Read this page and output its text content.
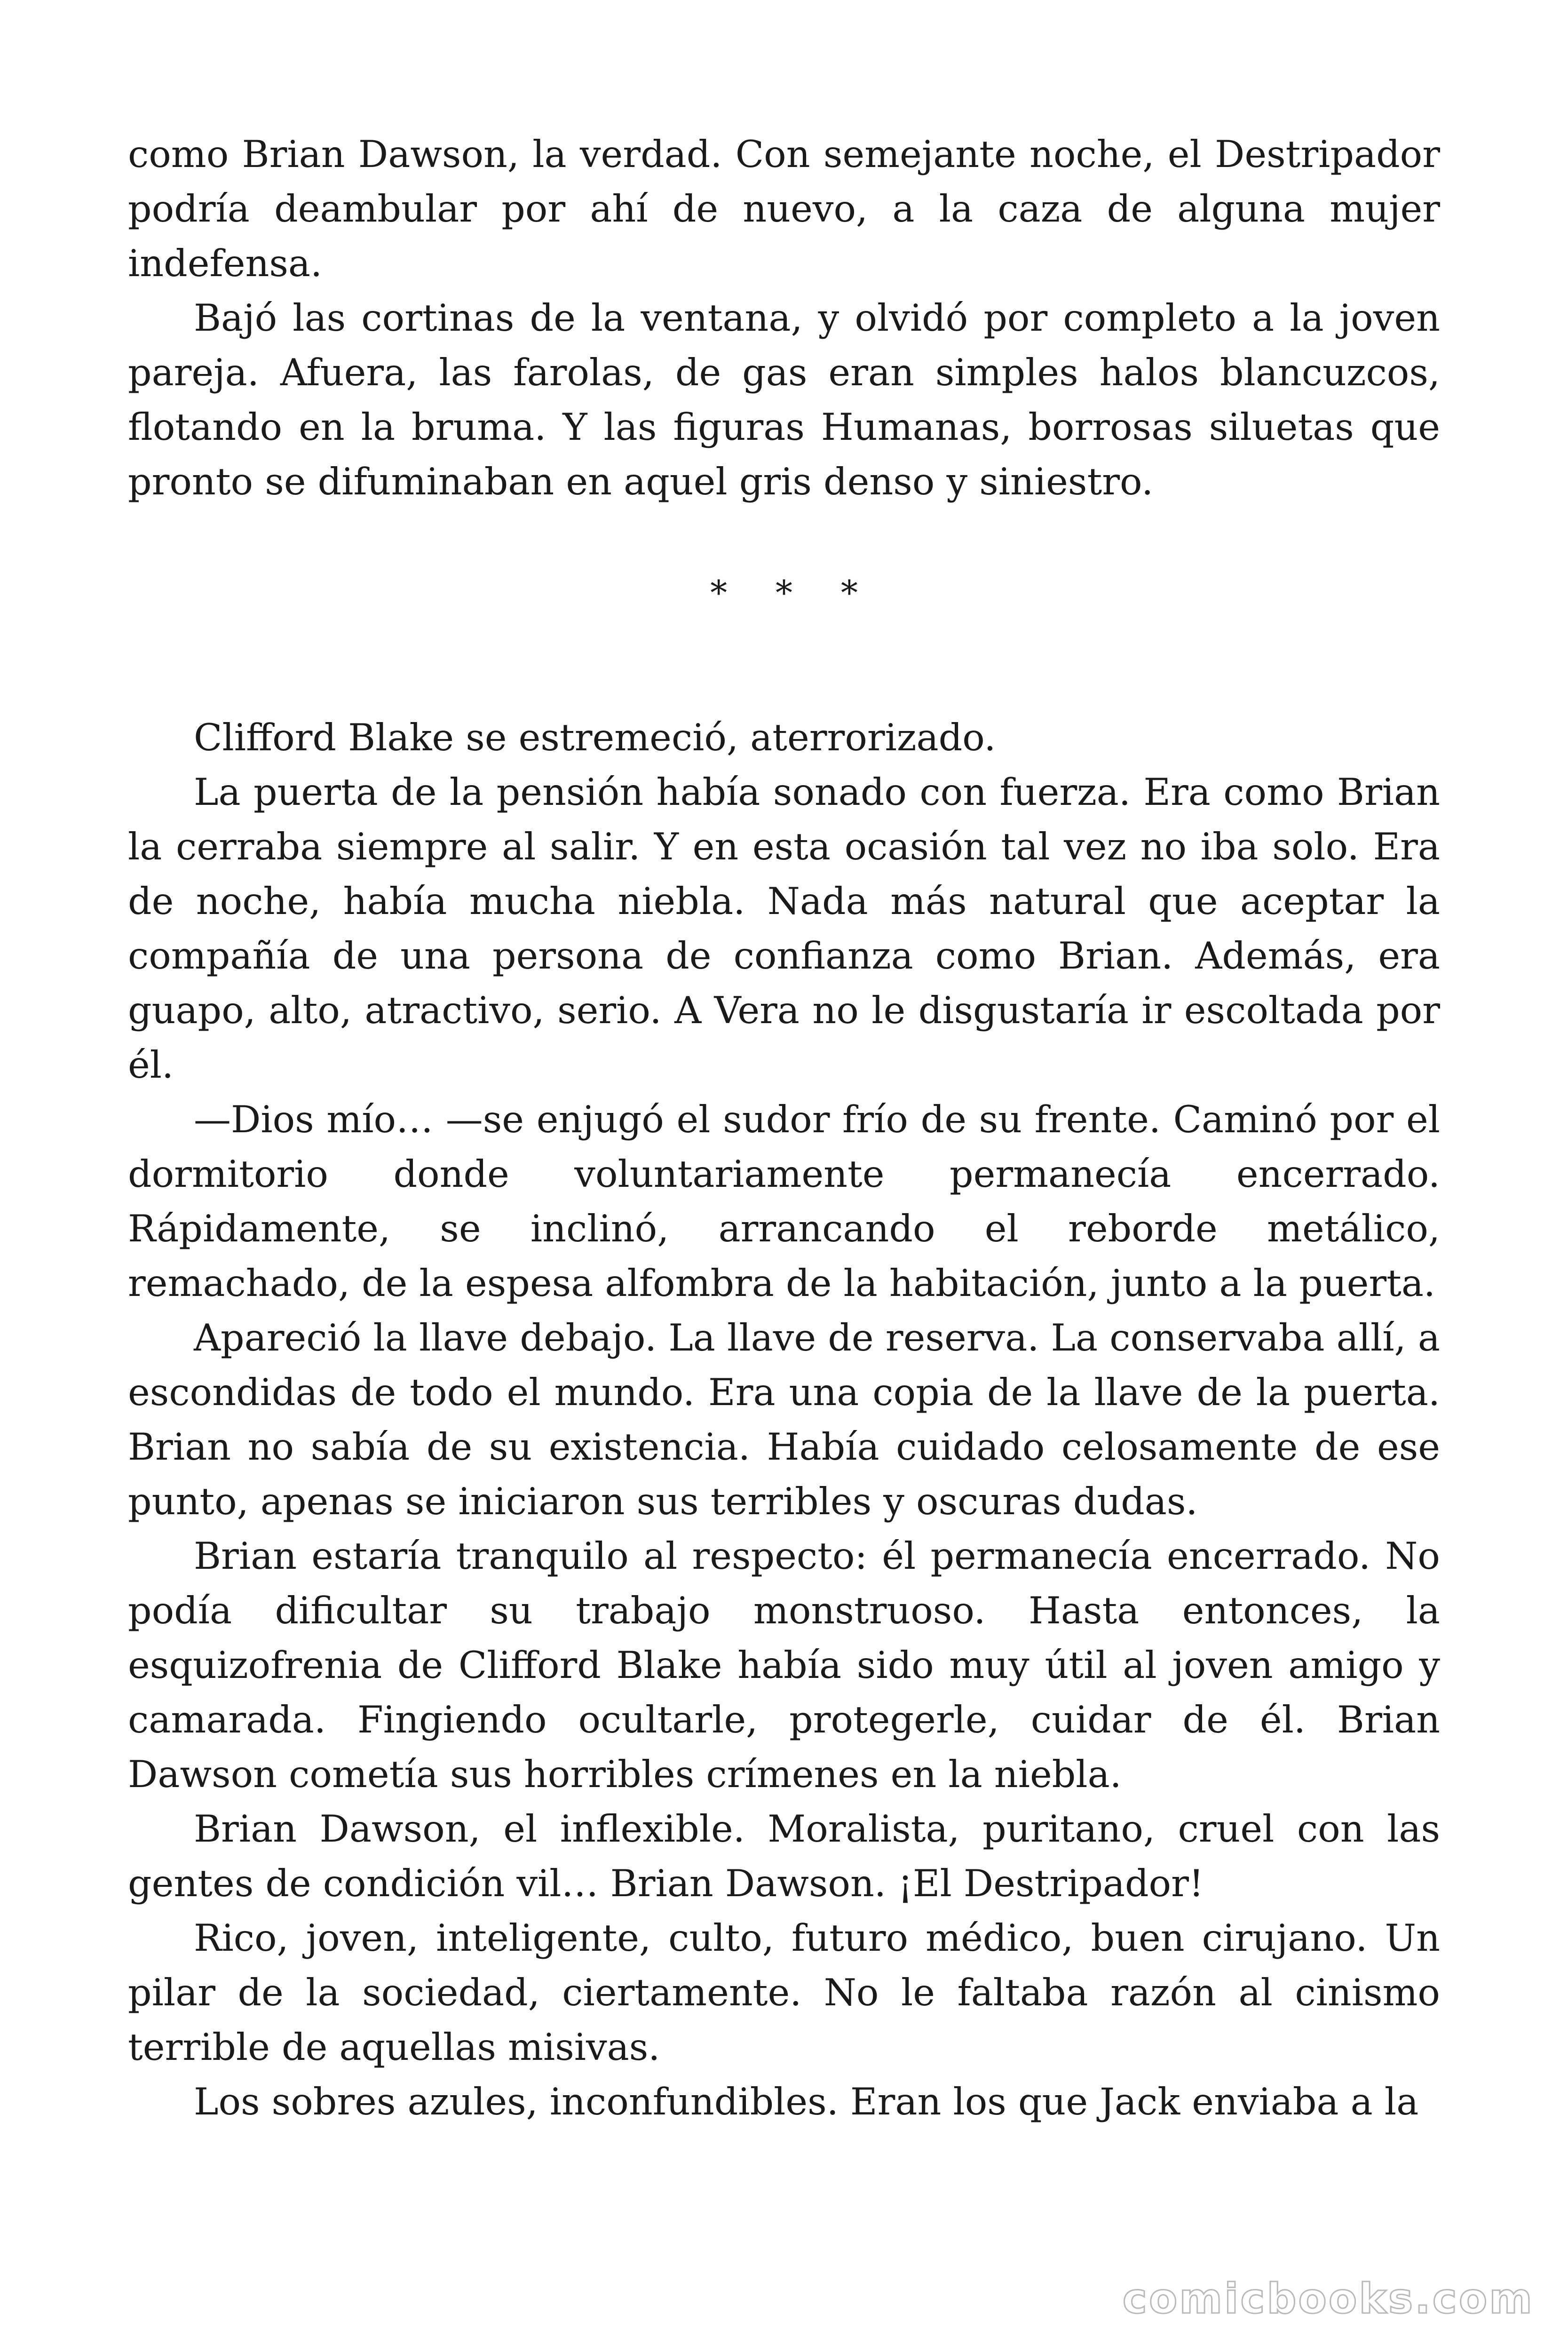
como Brian Dawson, la verdad. Con semejante noche, el Destripador podría deambular por ahí de nuevo, a la caza de alguna mujer indefensa.

Bajó las cortinas de la ventana, y olvidó por completo a la joven pareja. Afuera, las farolas, de gas eran simples halos blancuzcos, flotando en la bruma. Y las figuras Humanas, borrosas siluetas que pronto se difuminaban en aquel gris denso y siniestro.

* * *

Clifford Blake se estremeció, aterrorizado.

La puerta de la pensión había sonado con fuerza. Era como Brian la cerraba siempre al salir. Y en esta ocasión tal vez no iba solo. Era de noche, había mucha niebla. Nada más natural que aceptar la compañía de una persona de confianza como Brian. Además, era guapo, alto, atractivo, serio. A Vera no le disgustaría ir escoltada por él.

—Dios mío… —se enjugó el sudor frío de su frente. Caminó por el dormitorio donde voluntariamente permanecía encerrado. Rápidamente, se inclinó, arrancando el reborde metálico, remachado, de la espesa alfombra de la habitación, junto a la puerta.

Apareció la llave debajo. La llave de reserva. La conservaba allí, a escondidas de todo el mundo. Era una copia de la llave de la puerta. Brian no sabía de su existencia. Había cuidado celosamente de ese punto, apenas se iniciaron sus terribles y oscuras dudas.

Brian estaría tranquilo al respecto: él permanecía encerrado. No podía dificultar su trabajo monstruoso. Hasta entonces, la esquizofrenia de Clifford Blake había sido muy útil al joven amigo y camarada. Fingiendo ocultarle, protegerle, cuidar de él. Brian Dawson cometía sus horribles crímenes en la niebla.

Brian Dawson, el inflexible. Moralista, puritano, cruel con las gentes de condición vil… Brian Dawson. ¡El Destripador!

Rico, joven, inteligente, culto, futuro médico, buen cirujano. Un pilar de la sociedad, ciertamente. No le faltaba razón al cinismo terrible de aquellas misivas.

Los sobres azules, inconfundibles. Eran los que Jack enviaba a la

comicbooks.com
